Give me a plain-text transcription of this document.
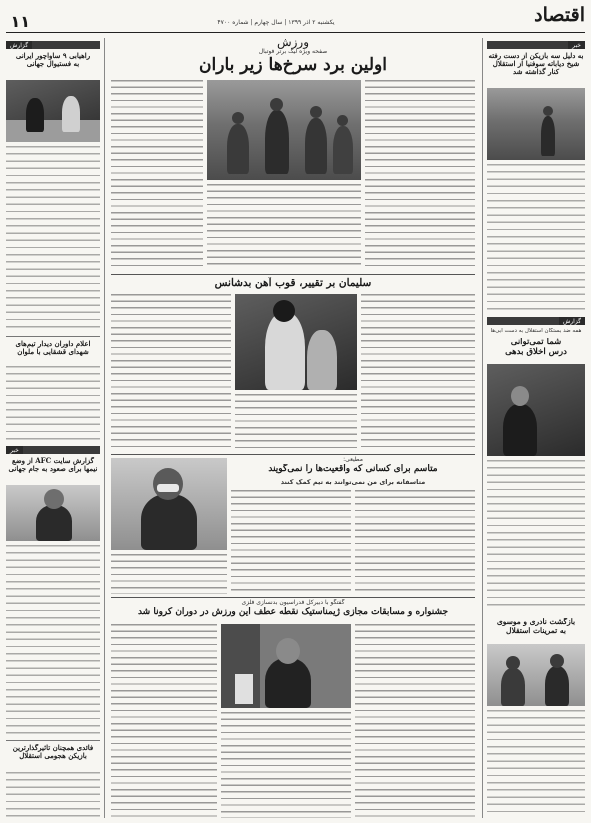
اقتصاد
یکشنبه ۲ آذر ۱۳۹۹ | سال چهارم | شماره ۴۷۰۰
۱۱
خبر
به دلیل سه بازیکن از دست رفته
شیخ دیاباته سوفنیا از استقلال
کنار گذاشته شد
گزارش
همه ضد بستگان استقلال به دست آبی‌ها
شما تمی‌توانی
درس اخلاق بدهی
بازگشت نادری و موسوی
به تمرینات استقلال
ورزش
صفحه ویژه لیگ برتر فوتبال
اولین برد سرخ‌ها زیر باران
سلیمان بر تقییر، قوب آهن بدشانس
مطیعی:
متاسم برای کسانی که واقعیت‌ها را نمی‌گویند
متاسفانه برای من نمی‌توانند به تیم کمک کنند
گفتگو با دبیرکل فدراسیون بدنسازی فلزی
جشنواره و مسابقات مجازی ژیمناستیک نقطه عطف این ورزش در دوران کرونا شد
گزارش
راهیابی ۹ ساواچور ایرانی
به فستیوال جهانی
اعلام داوران دیدار تیم‌های
شهدای قشقایی با ملوان
خبر
گزارش سایت AFC از وضع
نیمها برای صعود به جام جهانی
فائدی همچنان تاثیرگذارترین
بازیکن هجومی استقلال
